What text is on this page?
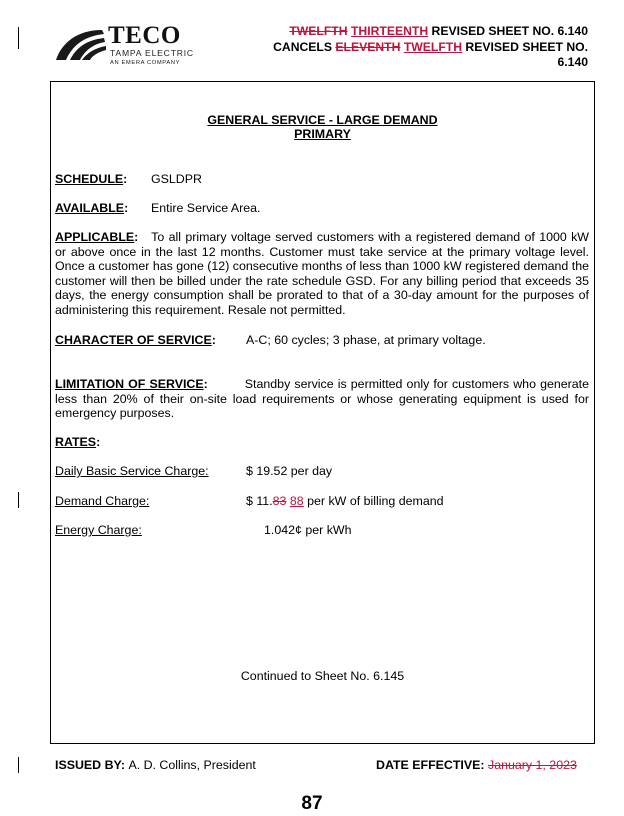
TECO
TAMPA ELECTRIC
AN EMERA COMPANY
TWELFTH THIRTEENTH REVISED SHEET NO. 6.140
CANCELS ELEVENTH TWELFTH REVISED SHEET NO.
6.140
GENERAL SERVICE - LARGE DEMAND
PRIMARY
SCHEDULE: GSLDPR
AVAILABLE: Entire Service Area.
APPLICABLE: To all primary voltage served customers with a registered demand of 1000 kW or above once in the last 12 months. Customer must take service at the primary voltage level. Once a customer has gone (12) consecutive months of less than 1000 kW registered demand the customer will then be billed under the rate schedule GSD. For any billing period that exceeds 35 days, the energy consumption shall be prorated to that of a 30-day amount for the purposes of administering this requirement. Resale not permitted.
CHARACTER OF SERVICE: A-C; 60 cycles; 3 phase, at primary voltage.
LIMITATION OF SERVICE:	Standby service is permitted only for customers who generate less than 20% of their on-site load requirements or whose generating equipment is used for emergency purposes.
RATES:
Daily Basic Service Charge:	$ 19.52 per day
Demand Charge:	$ 11.83 88 per kW of billing demand
Energy Charge:	1.042¢ per kWh
Continued to Sheet No. 6.145
ISSUED BY: A. D. Collins, President	DATE EFFECTIVE: January 1, 2023
87
